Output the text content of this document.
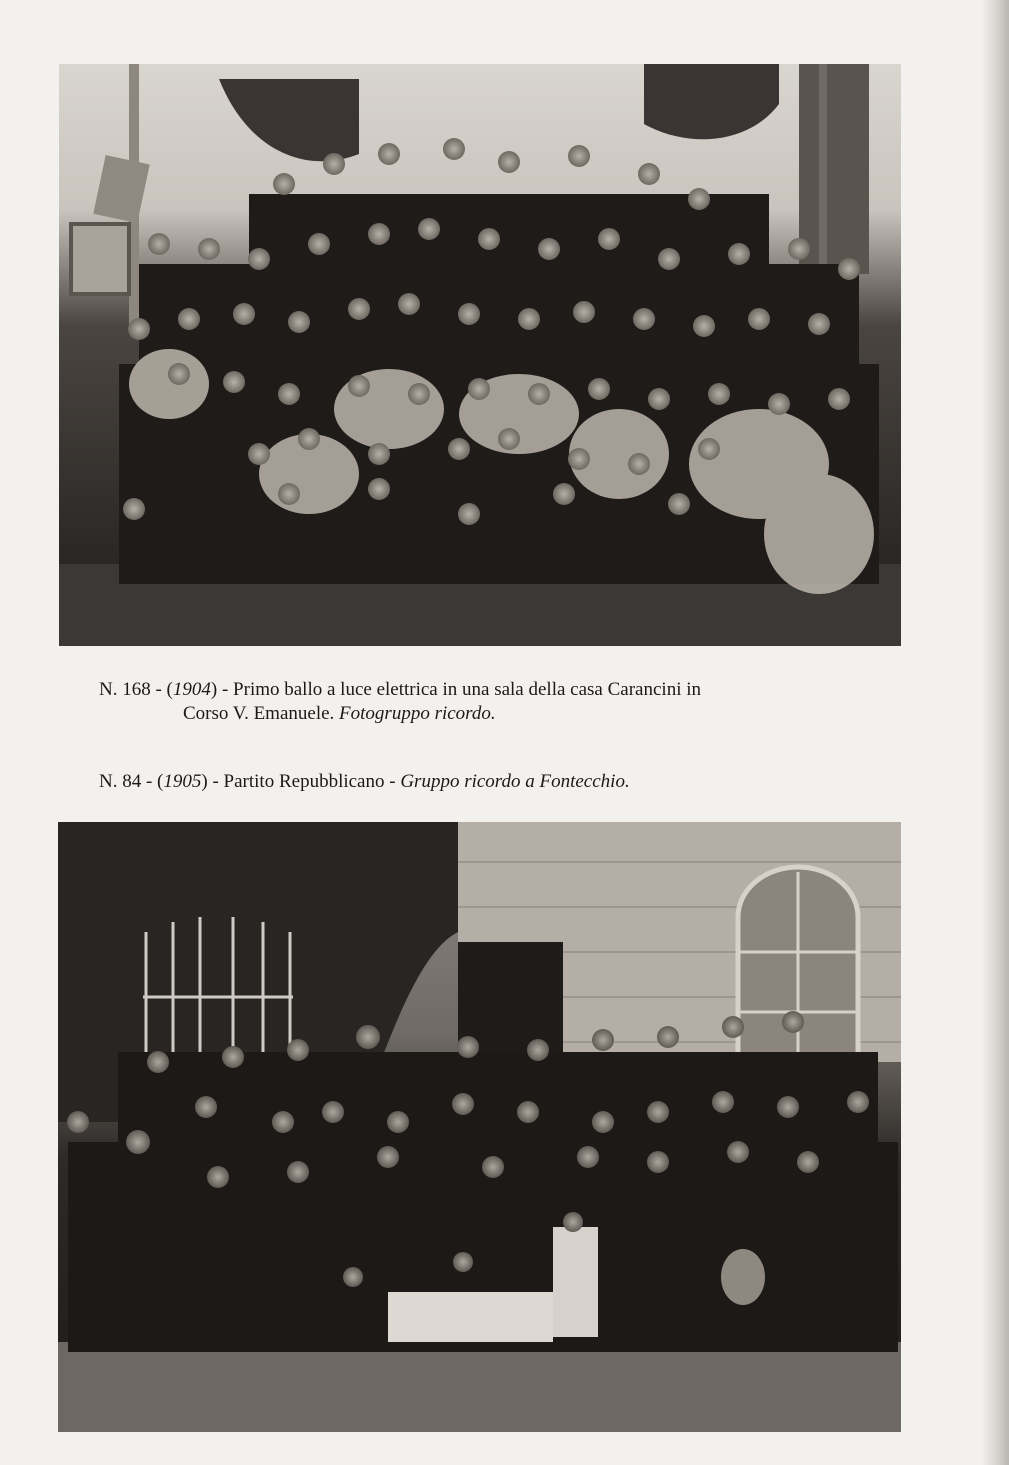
N. 168 - (1904) - Primo ballo a luce elettrica in una sala della casa Carancini in
Corso V. Emanuele. Fotogruppo ricordo.
N. 84 - (1905) - Partito Repubblicano - Gruppo ricordo a Fontecchio.
